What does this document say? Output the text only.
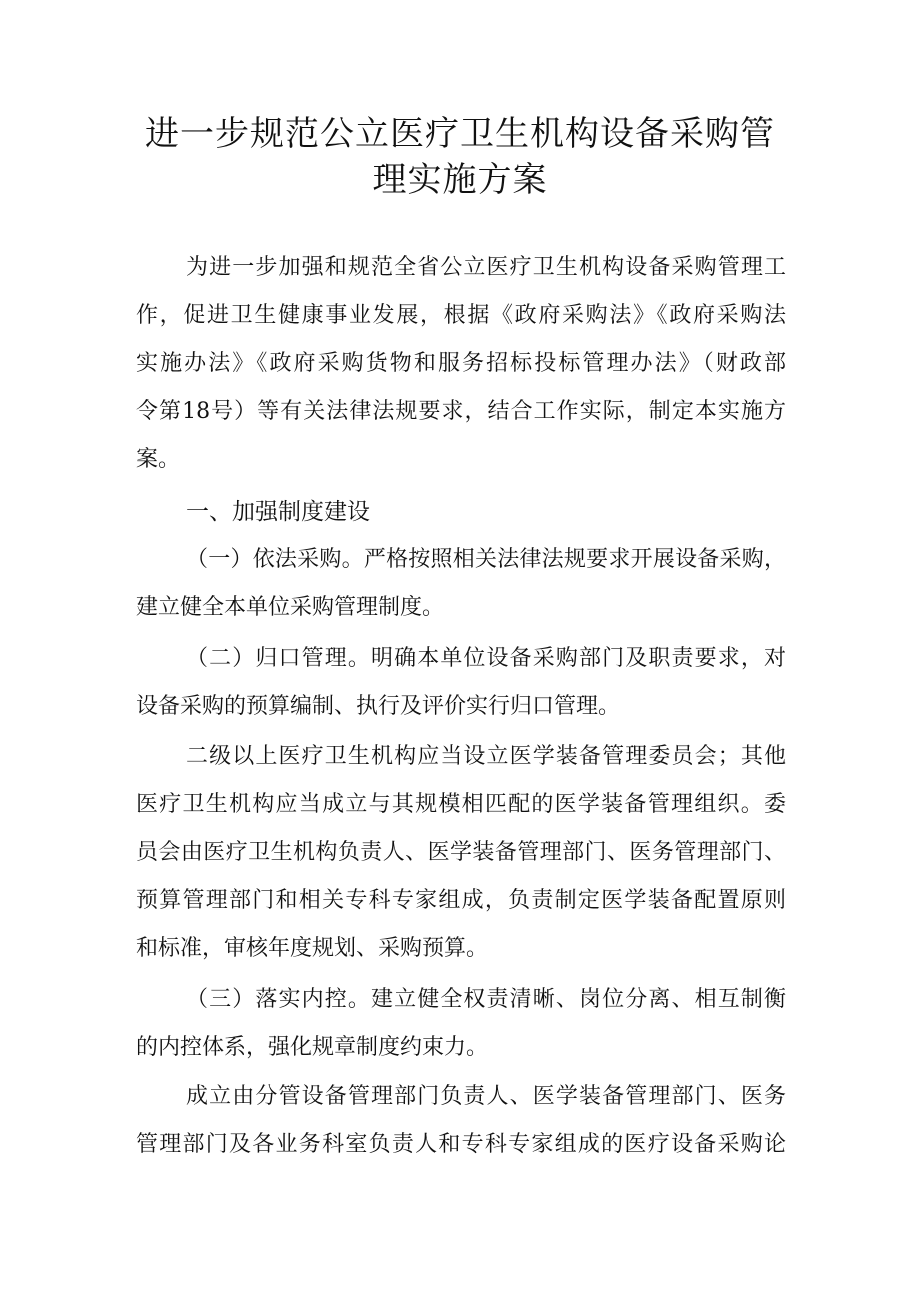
进一步规范公立医疗卫生机构设备采购管
理实施方案
为进一步加强和规范全省公立医疗卫生机构设备采购管理工
作，促进卫生健康事业发展，根据《政府采购法》《政府采购法
实施办法》《政府采购货物和服务招标投标管理办法》（财政部
令第18号）等有关法律法规要求，结合工作实际，制定本实施方
案。
一、加强制度建设
（一）依法采购。严格按照相关法律法规要求开展设备采购，
建立健全本单位采购管理制度。
（二）归口管理。明确本单位设备采购部门及职责要求，对
设备采购的预算编制、执行及评价实行归口管理。
二级以上医疗卫生机构应当设立医学装备管理委员会；其他
医疗卫生机构应当成立与其规模相匹配的医学装备管理组织。委
员会由医疗卫生机构负责人、医学装备管理部门、医务管理部门、
预算管理部门和相关专科专家组成，负责制定医学装备配置原则
和标准，审核年度规划、采购预算。
（三）落实内控。建立健全权责清晰、岗位分离、相互制衡
的内控体系，强化规章制度约束力。
成立由分管设备管理部门负责人、医学装备管理部门、医务
管理部门及各业务科室负责人和专科专家组成的医疗设备采购论
